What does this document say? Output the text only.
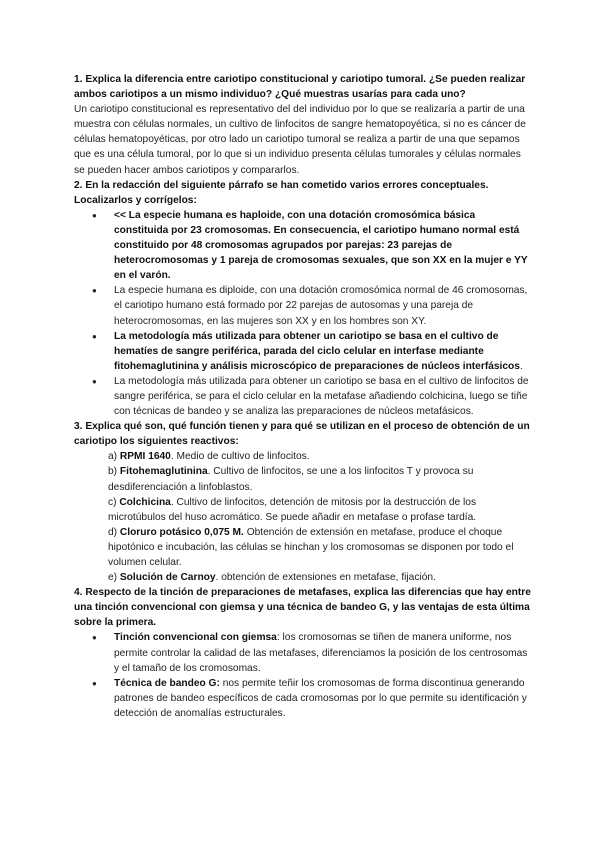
1. Explica la diferencia entre cariotipo constitucional y cariotipo tumoral. ¿Se pueden realizar ambos cariotipos a un mismo individuo? ¿Qué muestras usarías para cada uno?

Un cariotipo constitucional es representativo del del individuo por lo que se realizaría a partir de una muestra con células normales, un cultivo de linfocitos de sangre hematopoyética, si no es cáncer de células hematopoyéticas, por otro lado un cariotipo tumoral se realiza a partir de una que sepamos que es una célula tumoral, por lo que si un individuo presenta células tumorales y células normales se pueden hacer ambos cariotipos y compararlos.

2. En la redacción del siguiente párrafo se han cometido varios errores conceptuales. Localizarlos y corrígelos:

● << La especie humana es haploide, con una dotación cromosómica básica constituida por 23 cromosomas. En consecuencia, el cariotipo humano normal está constituido por 48 cromosomas agrupados por parejas: 23 parejas de heterocromosomas y 1 pareja de cromosomas sexuales, que son XX en la mujer e YY en el varón.
● La especie humana es diploide, con una dotación cromosómica normal de 46 cromosomas, el cariotipo humano está formado por 22 parejas de autosomas y una pareja de heterocromosomas, en las mujeres son XX y en los hombres son XY.
● La metodología más utilizada para obtener un cariotipo se basa en el cultivo de hematíes de sangre periférica, parada del ciclo celular en interfase mediante fitohemaglutinina y análisis microscópico de preparaciones de núcleos interfásicos.
● La metodología más utilizada para obtener un cariotipo se basa en el cultivo de linfocitos de sangre periférica, se para el ciclo celular en la metafase añadiendo colchicina, luego se tiñe con técnicas de bandeo y se analiza las preparaciones de núcleos metafásicos.

3. Explica qué son, qué función tienen y para qué se utilizan en el proceso de obtención de un cariotipo los siguientes reactivos:

a) RPMI 1640. Medio de cultivo de linfocitos.

b) Fitohemaglutinina. Cultivo de linfocitos, se une a los linfocitos T y provoca su desdiferenciación a linfoblastos.

c) Colchicina. Cultivo de linfocitos, detención de mitosis por la destrucción de los microtúbulos del huso acromático. Se puede añadir en metafase o profase tardía.

d) Cloruro potásico 0,075 M. Obtención de extensión en metafase, produce el choque hipotónico e incubación, las células se hinchan y los cromosomas se disponen por todo el volumen celular.

e) Solución de Carnoy. obtención de extensiones en metafase, fijación.

4. Respecto de la tinción de preparaciones de metafases, explica las diferencias que hay entre una tinción convencional con giemsa y una técnica de bandeo G, y las ventajas de esta última sobre la primera.

● Tinción convencional con giemsa: los cromosomas se tiñen de manera uniforme, nos permite controlar la calidad de las metafases, diferenciamos la posición de los centrosomas y el tamaño de los cromosomas.
● Técnica de bandeo G: nos permite teñir los cromosomas de forma discontinua generando patrones de bandeo específicos de cada cromosomas por lo que permite su identificación y detección de anomalías estructurales.
